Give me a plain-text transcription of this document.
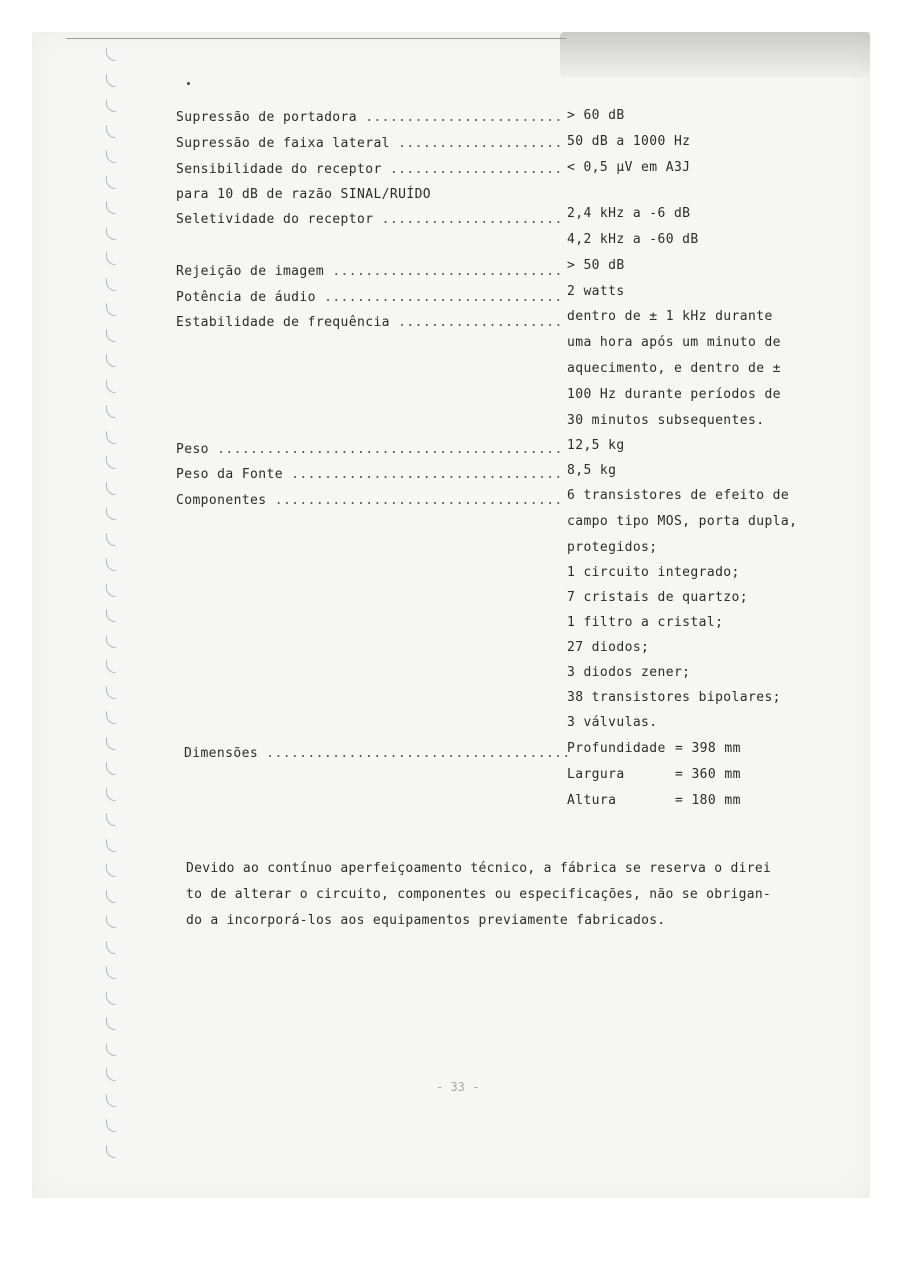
Supressão de portadora .....	> 60 dB
Supressão de faixa lateral .....	50 dB a 1000 Hz
Sensibilidade do receptor .....	< 0,5 µV em A3J
para 10 dB de razão SINAL/RUÍDO
Seletividade do receptor .....	2,4 kHz a -6 dB
4,2 kHz a -60 dB
Rejeição de imagem .....	> 50 dB
Potência de áudio .....	2 watts
Estabilidade de frequência .....	dentro de ± 1 kHz durante
uma hora após um minuto de
aquecimento, e dentro de ±
100 Hz durante períodos de
30 minutos subsequentes.
Peso .....	12,5 kg
Peso da Fonte .....	8,5 kg
Componentes .....	6 transistores de efeito de
campo tipo MOS, porta dupla,
protegidos;
1 circuito integrado;
7 cristais de quartzo;
1 filtro a cristal;
27 diodos;
3 diodos zener;
38 transistores bipolares;
3 válvulas.
Dimensões .....	Profundidade = 398 mm
Largura	= 360 mm
Altura	= 180 mm
Devido ao contínuo aperfeiçoamento técnico, a fábrica se reserva o direi
to de alterar o circuito, componentes ou especificações, não se obrigan-
do a incorporá-los aos equipamentos previamente fabricados.
- 33 -
